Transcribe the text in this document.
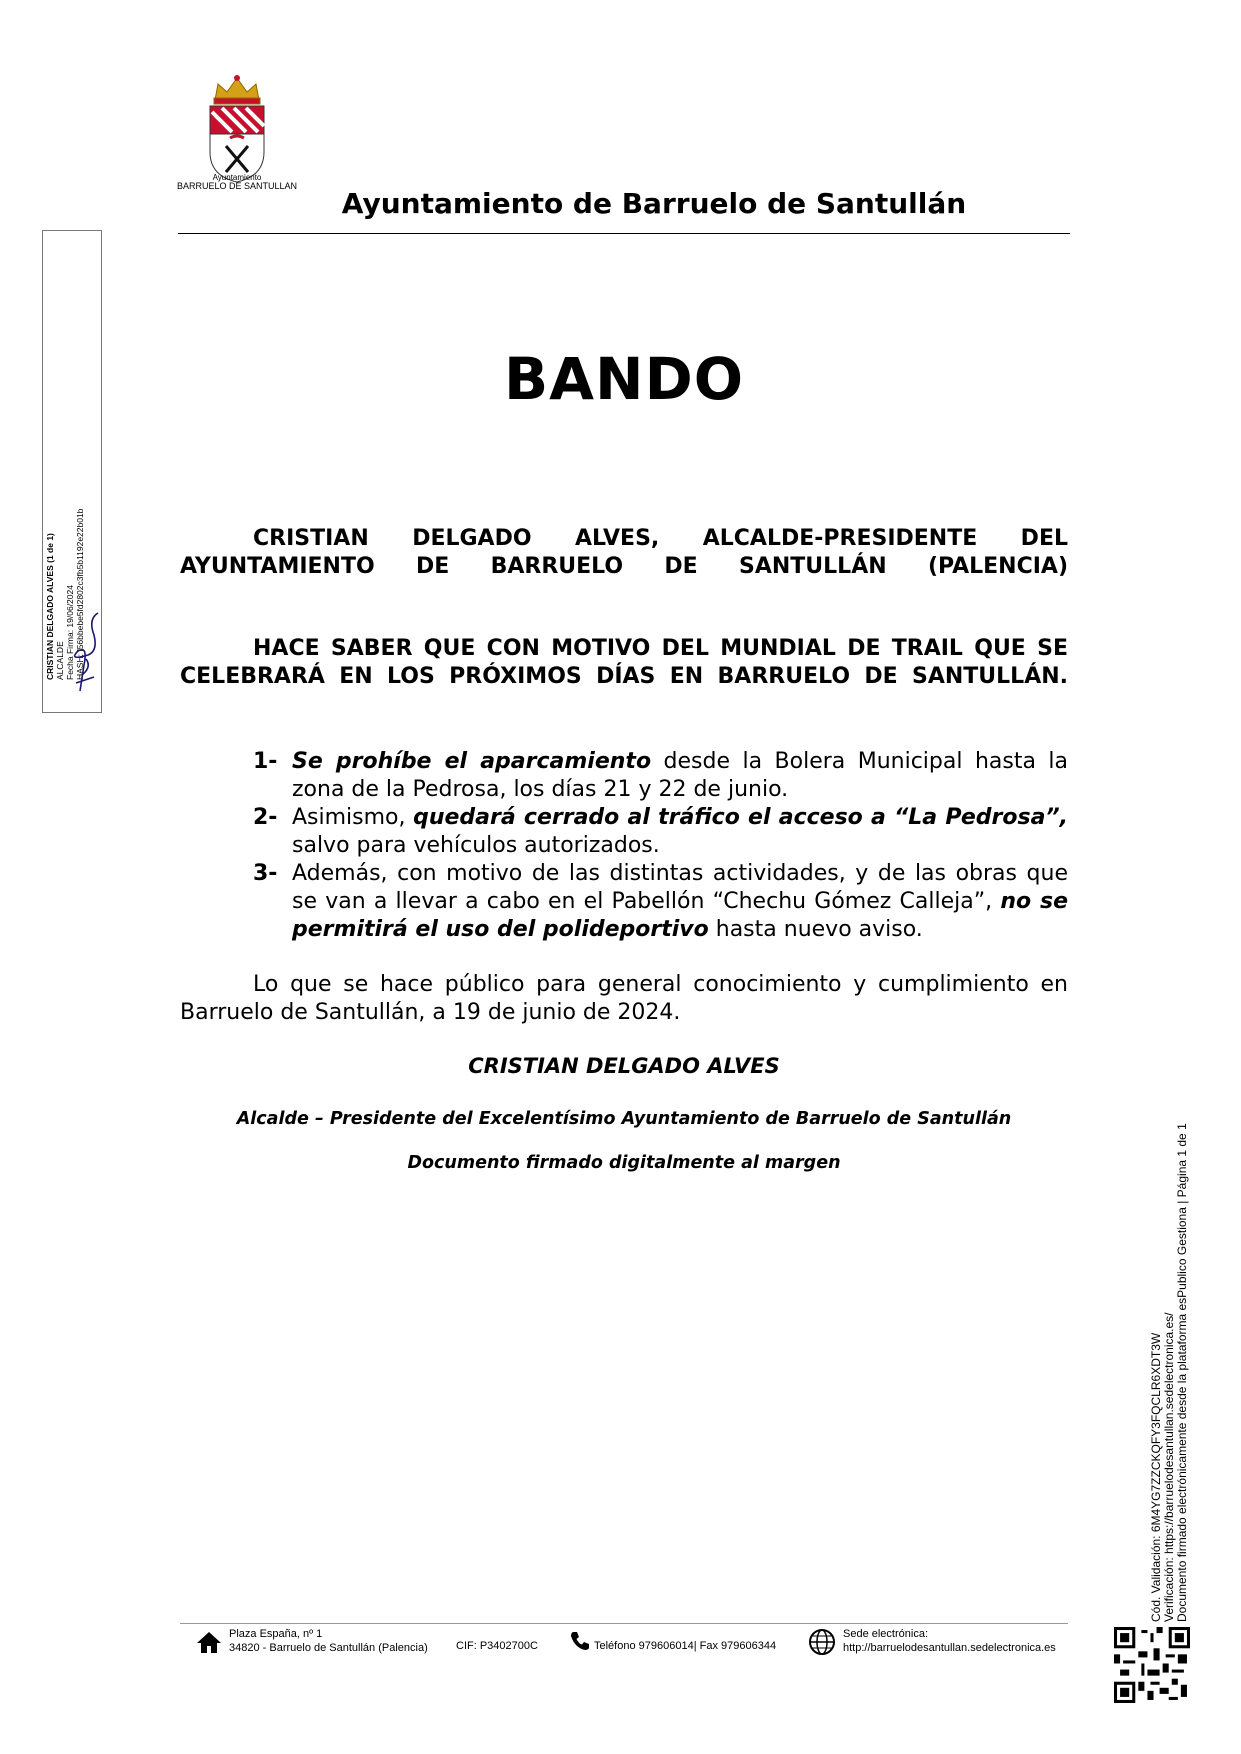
Ayuntamiento
BARRUELO DE SANTULLAN
Ayuntamiento de Barruelo de Santullán
BANDO
CRISTIAN DELGADO ALVES, ALCALDE-PRESIDENTE DEL AYUNTAMIENTO DE BARRUELO DE SANTULLÁN (PALENCIA)
HACE SABER QUE CON MOTIVO DEL MUNDIAL DE TRAIL QUE SE CELEBRARÁ EN LOS PRÓXIMOS DÍAS EN BARRUELO DE SANTULLÁN.
1- Se prohíbe el aparcamiento desde la Bolera Municipal hasta la zona de la Pedrosa, los días 21 y 22 de junio.
2- Asimismo, quedará cerrado al tráfico el acceso a “La Pedrosa”, salvo para vehículos autorizados.
3- Además, con motivo de las distintas actividades, y de las obras que se van a llevar a cabo en el Pabellón “Chechu Gómez Calleja”, no se permitirá el uso del polideportivo hasta nuevo aviso.
Lo que se hace público para general conocimiento y cumplimiento en Barruelo de Santullán, a 19 de junio de 2024.
CRISTIAN DELGADO ALVES
Alcalde – Presidente del Excelentísimo Ayuntamiento de Barruelo de Santullán
Documento firmado digitalmente al margen
CRISTIAN DELGADO ALVES (1 de 1) ALCALDE Fecha Firma: 19/06/2024 HASH: f56bbebe5fd2802c3fb5b1192e22b01b
Cód. Validación: 6M4YG7ZZCKQFY3FQCLR6XDT3W Verificación: https://barruelodesantullan.sedelectronica.es/ Documento firmado electrónicamente desde la plataforma esPublico Gestiona | Página 1 de 1
Plaza España, nº 1
34820 - Barruelo de Santullán (Palencia)	CIF: P3402700C	Teléfono 979606014| Fax 979606344
Sede electrónica:
http://barruelodesantullan.sedelectronica.es
